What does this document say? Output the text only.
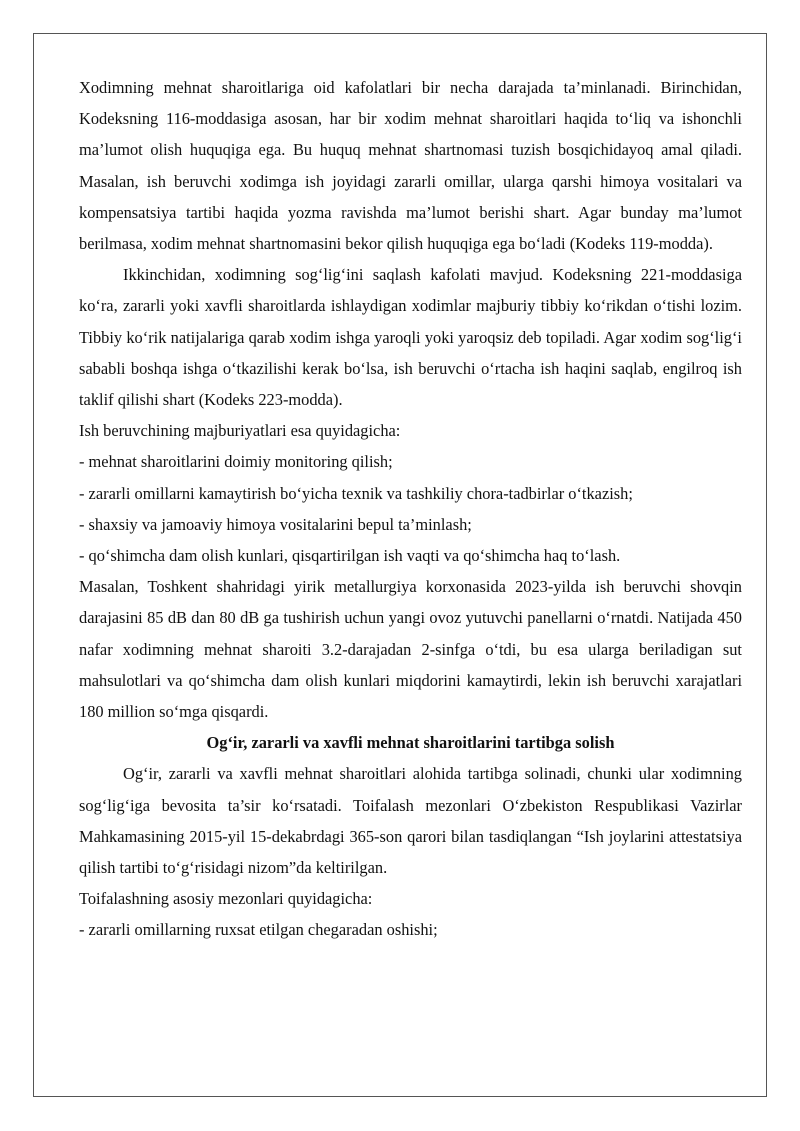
Xodimning mehnat sharoitlariga oid kafolatlari bir necha darajada ta’minlanadi. Birinchidan, Kodeksning 116-moddasiga asosan, har bir xodim mehnat sharoitlari haqida to‘liq va ishonchli ma’lumot olish huquqiga ega. Bu huquq mehnat shartnomasi tuzish bosqichidayoq amal qiladi. Masalan, ish beruvchi xodimga ish joyidagi zararli omillar, ularga qarshi himoya vositalari va kompensatsiya tartibi haqida yozma ravishda ma’lumot berishi shart. Agar bunday ma’lumot berilmasa, xodim mehnat shartnomasini bekor qilish huquqiga ega bo‘ladi (Kodeks 119-modda).

Ikkinchidan, xodimning sog‘lig‘ini saqlash kafolati mavjud. Kodeksning 221-moddasiga ko‘ra, zararli yoki xavfli sharoitlarda ishlaydigan xodimlar majburiy tibbiy ko‘rikdan o‘tishi lozim. Tibbiy ko‘rik natijalariga qarab xodim ishga yaroqli yoki yaroqsiz deb topiladi. Agar xodim sog‘lig‘i sababli boshqa ishga o‘tkazilishi kerak bo‘lsa, ish beruvchi o‘rtacha ish haqini saqlab, engilroq ish taklif qilishi shart (Kodeks 223-modda).

Ish beruvchining majburiyatlari esa quyidagicha:

- mehnat sharoitlarini doimiy monitoring qilish;

- zararli omillarni kamaytirish bo‘yicha texnik va tashkiliy chora-tadbirlar o‘tkazish;

- shaxsiy va jamoaviy himoya vositalarini bepul ta’minlash;

- qo‘shimcha dam olish kunlari, qisqartirilgan ish vaqti va qo‘shimcha haq to‘lash.

Masalan, Toshkent shahridagi yirik metallurgiya korxonasida 2023-yilda ish beruvchi shovqin darajasini 85 dB dan 80 dB ga tushirish uchun yangi ovoz yutuvchi panellarni o‘rnatdi. Natijada 450 nafar xodimning mehnat sharoiti 3.2-darajadan 2-sinfga o‘tdi, bu esa ularga beriladigan sut mahsulotlari va qo‘shimcha dam olish kunlari miqdorini kamaytirdi, lekin ish beruvchi xarajatlari 180 million so‘mga qisqardi.

Og‘ir, zararli va xavfli mehnat sharoitlarini tartibga solish

Og‘ir, zararli va xavfli mehnat sharoitlari alohida tartibga solinadi, chunki ular xodimning sog‘lig‘iga bevosita ta’sir ko‘rsatadi. Toifalash mezonlari O‘zbekiston Respublikasi Vazirlar Mahkamasining 2015-yil 15-dekabrdagi 365-son qarori bilan tasdiqlangan “Ish joylarini attestatsiya qilish tartibi to‘g‘risidagi nizom”da keltirilgan.

Toifalashning asosiy mezonlari quyidagicha:

- zararli omillarning ruxsat etilgan chegaradan oshishi;
